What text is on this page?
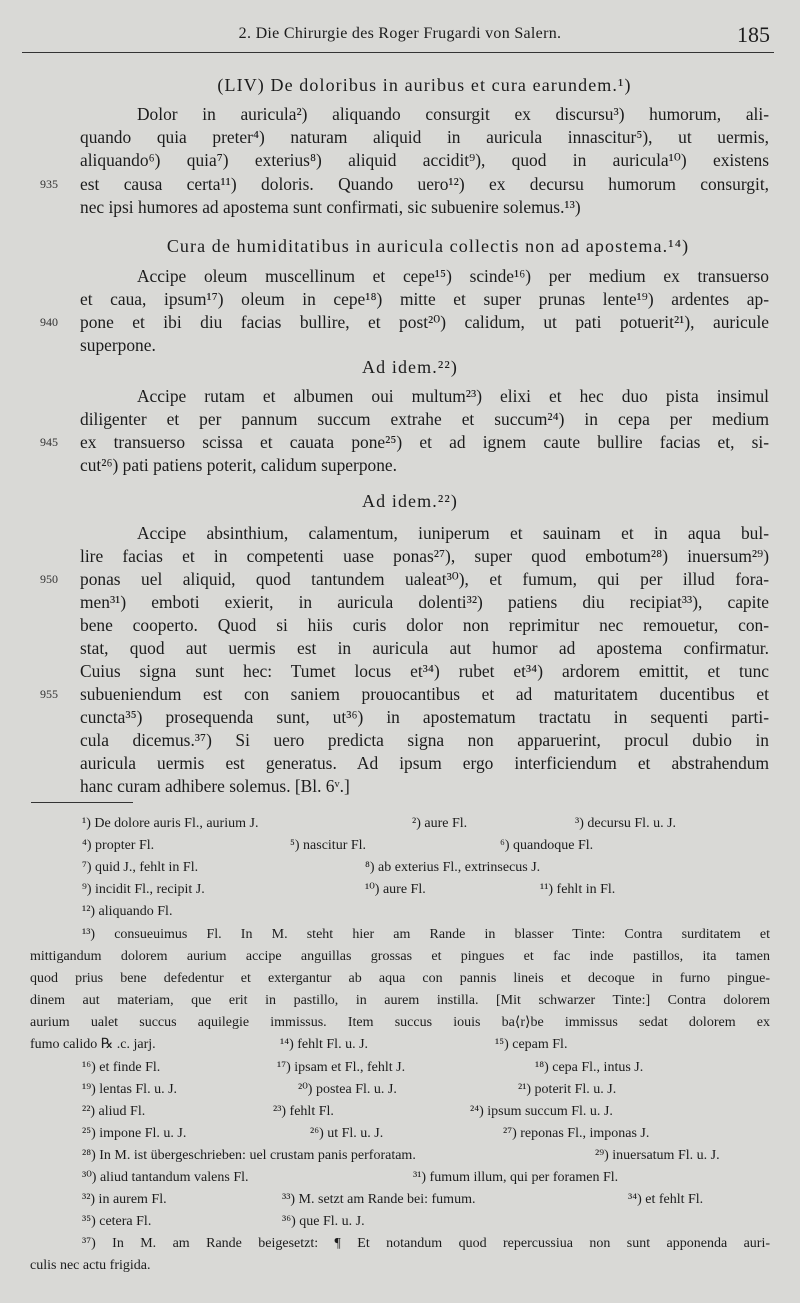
2. Die Chirurgie des Roger Frugardi von Salern.	185
(LIV) De doloribus in auribus et cura earundem.¹)
Dolor in auricula²) aliquando consurgit ex discursu³) humorum, ali-
quando quia preter⁴) naturam aliquid in auricula innascitur⁵), ut uermis,
aliquando⁶) quia⁷) exterius⁸) aliquid accidit⁹), quod in auricula¹⁰) existens
935 est causa certa¹¹) doloris. Quando uero¹²) ex decursu humorum consurgit,
nec ipsi humores ad apostema sunt confirmati, sic subuenire solemus.¹³)
Cura de humiditatibus in auricula collectis non ad apostema.¹⁴)
Accipe oleum muscellinum et cepe¹⁵) scinde¹⁶) per medium ex transuerso
et caua, ipsum¹⁷) oleum in cepe¹⁸) mitte et super prunas lente¹⁹) ardentes ap-
940 pone et ibi diu facias bullire, et post²⁰) calidum, ut pati potuerit²¹), auricule
superpone.
Ad idem.²²)
Accipe rutam et albumen oui multum²³) elixi et hec duo pista insimul
diligenter et per pannum succum extrahe et succum²⁴) in cepa per medium
945 ex transuerso scissa et cauata pone²⁵) et ad ignem caute bullire facias et, si-
cut²⁶) pati patiens poterit, calidum superpone.
Ad idem.²²)
Accipe absinthium, calamentum, iuniperum et sauinam et in aqua bul-
lire facias et in competenti uase ponas²⁷), super quod embotum²⁸) inuersum²⁹)
950 ponas uel aliquid, quod tantundem ualeat³⁰), et fumum, qui per illud fora-
men³¹) emboti exierit, in auricula dolenti³²) patiens diu recipiat³³), capite
bene cooperto. Quod si hiis curis dolor non reprimitur nec remouetur, con-
stat, quod aut uermis est in auricula aut humor ad apostema confirmatur.
Cuius signa sunt hec: Tumet locus et³⁴) rubet et³⁴) ardorem emittit, et tunc
955 subueniendum est con saniem prouocantibus et ad maturitatem ducentibus et
cuncta³⁵) prosequenda sunt, ut³⁶) in apostematum tractatu in sequenti parti-
cula dicemus.³⁷) Si uero predicta signa non apparuerint, procul dubio in
auricula uermis est generatus. Ad ipsum ergo interficiendum et abstrahendum
hanc curam adhibere solemus. [Bl. 6ᵛ.]
¹) De dolore auris Fl., aurium J.	²) aure Fl.	³) decursu Fl. u. J.
⁴) propter Fl.	⁵) nascitur Fl.	⁶) quandoque Fl.
⁷) quid J., fehlt in Fl.	⁸) ab exterius Fl., extrinsecus J.
⁹) incidit Fl., recipit J.	¹⁰) aure Fl.	¹¹) fehlt in Fl.
¹²) aliquando Fl.
¹³) consueuimus Fl. In M. steht hier am Rande in blasser Tinte: Contra surditatem et
mittigandum dolorem aurium accipe anguillas grossas et pingues et fac inde pastillos, ita tamen
quod prius bene defedentur et extergantur ab aqua con pannis lineis et decoque in furno pingue-
dinem aut materiam, que erit in pastillo, in aurem instilla. [Mit schwarzer Tinte:] Contra dolorem
aurium ualet succus aquilegie immissus. Item succus iouis ba⟨r⟩be immissus sedat dolorem ex
fumo calido ℞ .c. jarj.	¹⁴) fehlt Fl. u. J.	¹⁵) cepam Fl.
¹⁶) et finde Fl.	¹⁷) ipsam et Fl., fehlt J.	¹⁸) cepa Fl., intus J.
¹⁹) lentas Fl. u. J.	²⁰) postea Fl. u. J.	²¹) poterit Fl. u. J.
²²) aliud Fl.	²³) fehlt Fl.	²⁴) ipsum succum Fl. u. J.
²⁵) impone Fl. u. J.	²⁶) ut Fl. u. J.	²⁷) reponas Fl., imponas J.
²⁸) In M. ist übergeschrieben: uel crustam panis perforatam.	²⁹) inuersatum Fl. u. J.
³⁰) aliud tantandum valens Fl.	³¹) fumum illum, qui per foramen Fl.
³²) in aurem Fl.	³³) M. setzt am Rande bei: fumum.	³⁴) et fehlt Fl.
³⁵) cetera Fl.	³⁶) que Fl. u. J.
³⁷) In M. am Rande beigesetzt: ¶ Et notandum quod repercussiua non sunt apponenda auri-
culis nec actu frigida.
